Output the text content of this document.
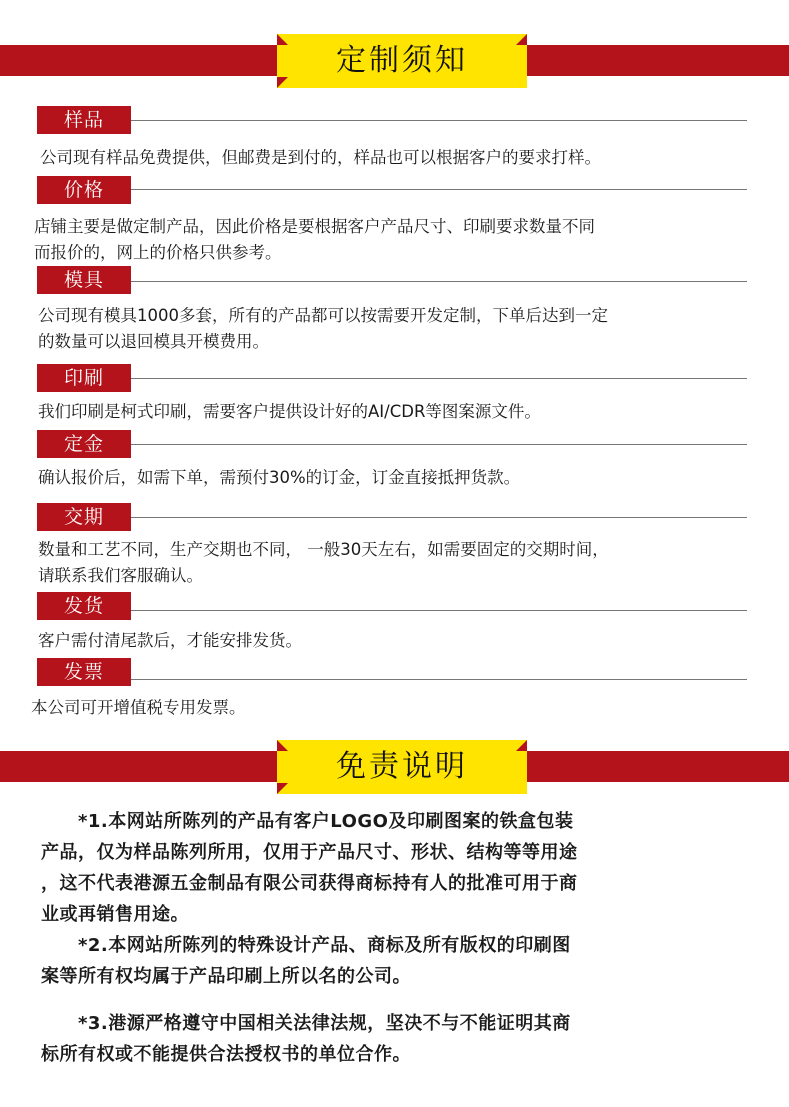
定制须知
样品
公司现有样品免费提供，但邮费是到付的，样品也可以根据客户的要求打样。
价格
店铺主要是做定制产品，因此价格是要根据客户产品尺寸、印刷要求数量不同
而报价的，网上的价格只供参考。
模具
公司现有模具1000多套，所有的产品都可以按需要开发定制，下单后达到一定
的数量可以退回模具开模费用。
印刷
我们印刷是柯式印刷，需要客户提供设计好的AI/CDR等图案源文件。
定金
确认报价后，如需下单，需预付30%的订金，订金直接抵押货款。
交期
数量和工艺不同，生产交期也不同， 一般30天左右，如需要固定的交期时间，
请联系我们客服确认。
发货
客户需付清尾款后，才能安排发货。
发票
本公司可开增值税专用发票。
免责说明
　　*1.本网站所陈列的产品有客户LOGO及印刷图案的铁盒包装
产品，仅为样品陈列所用，仅用于产品尺寸、形状、结构等等用途
，这不代表港源五金制品有限公司获得商标持有人的批准可用于商
业或再销售用途。
　　*2.本网站所陈列的特殊设计产品、商标及所有版权的印刷图
案等所有权均属于产品印刷上所以名的公司。
　　*3.港源严格遵守中国相关法律法规，坚决不与不能证明其商
标所有权或不能提供合法授权书的单位合作。
